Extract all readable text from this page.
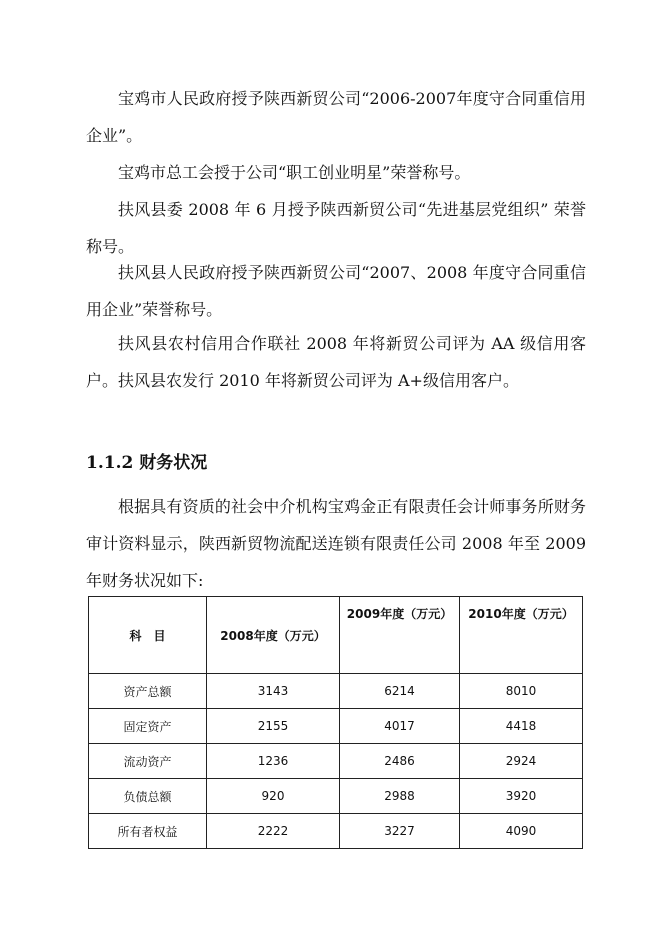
宝鸡市人民政府授予陕西新贸公司“2006-2007年度守合同重信用企业”。

宝鸡市总工会授于公司“职工创业明星”荣誉称号。

扶风县委 2008 年 6 月授予陕西新贸公司“先进基层党组织” 荣誉称号。

扶风县人民政府授予陕西新贸公司“2007、2008 年度守合同重信用企业”荣誉称号。

扶风县农村信用合作联社 2008 年将新贸公司评为 AA 级信用客户。扶风县农发行 2010 年将新贸公司评为 A+级信用客户。

1.1.2 财务状况

根据具有资质的社会中介机构宝鸡金正有限责任会计师事务所财务审计资料显示，陕西新贸物流配送连锁有限责任公司 2008 年至 2009 年财务状况如下:

科　目	2008年度（万元）	2009年度（万元）	2010年度（万元）
资产总额	3143	6214	8010
固定资产	2155	4017	4418
流动资产	1236	2486	2924
负债总额	920	2988	3920
所有者权益	2222	3227	4090
